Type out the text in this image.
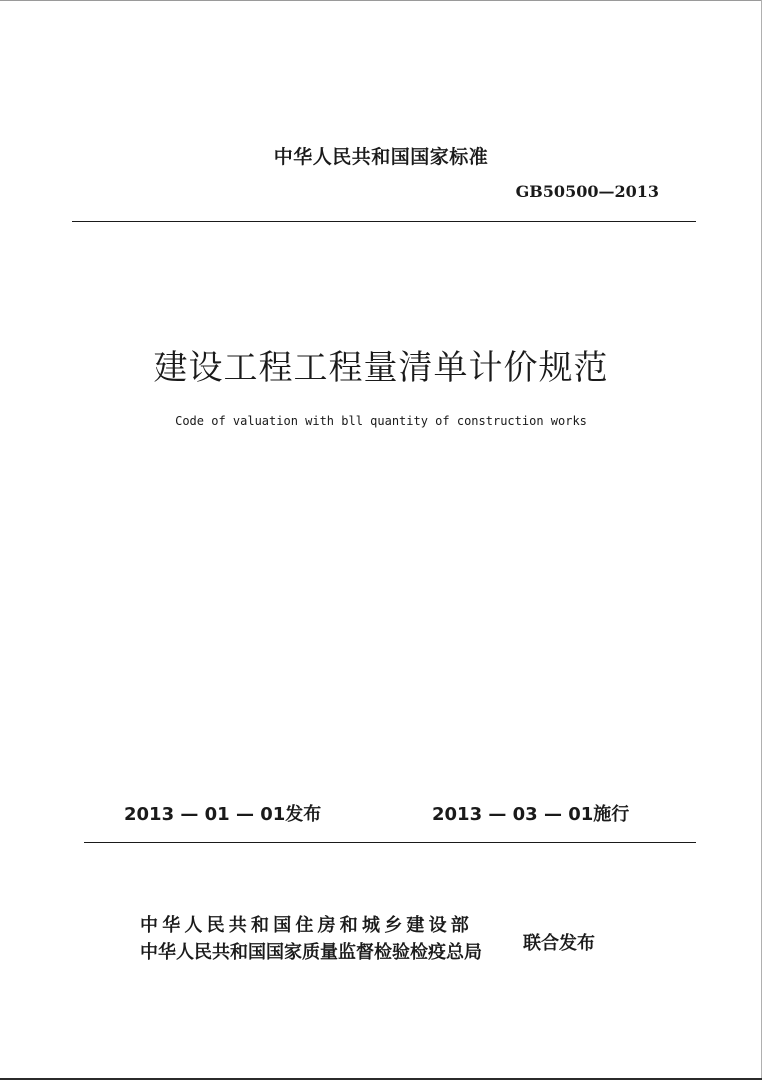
中华人民共和国国家标准
GB50500—2013
建设工程工程量清单计价规范
Code of valuation with bll quantity of construction works
2013 — 01 — 01发布	2013 — 03 — 01施行
中华人民共和国住房和城乡建设部
中华人民共和国国家质量监督检验检疫总局 联合发布
